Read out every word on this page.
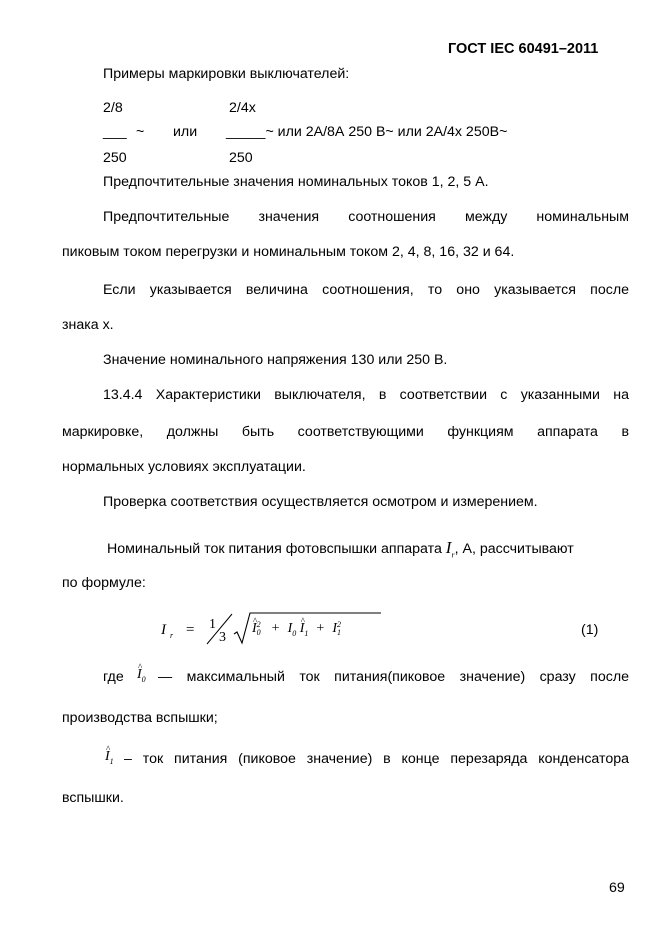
ГОСТ IEC 60491–2011
Примеры маркировки выключателей:
2/8	2/4x
___ ~ или _____~ или 2А/8А 250 В~ или 2А/4х 250В~
250	250
Предпочтительные значения номинальных токов 1, 2, 5 А.
Предпочтительные значения соотношения между номинальным
пиковым током перегрузки и номинальным током 2, 4, 8, 16, 32 и 64.
Если указывается величина соотношения, то оно указывается после
знака x.
Значение номинального напряжения 130 или 250 В.
13.4.4 Характеристики выключателя, в соответствии с указанными на
маркировке, должны быть соответствующими функциям аппарата в
нормальных условиях эксплуатации.
Проверка соответствия осуществляется осмотром и измерением.
Номинальный ток питания фотовспышки аппарата $I_r$, А, рассчитывают
по формуле:
I $_r$ = 1
3
^ I 2
$0 + I_0$ ^ $I_1 + I$ 2
1	(1)
где ^ $I_0$ — максимальный ток питания(пиковое значение) сразу после
производства вспышки;
^ $I_1$ – ток питания (пиковое значение) в конце перезаряда конденсатора
вспышки.
69
